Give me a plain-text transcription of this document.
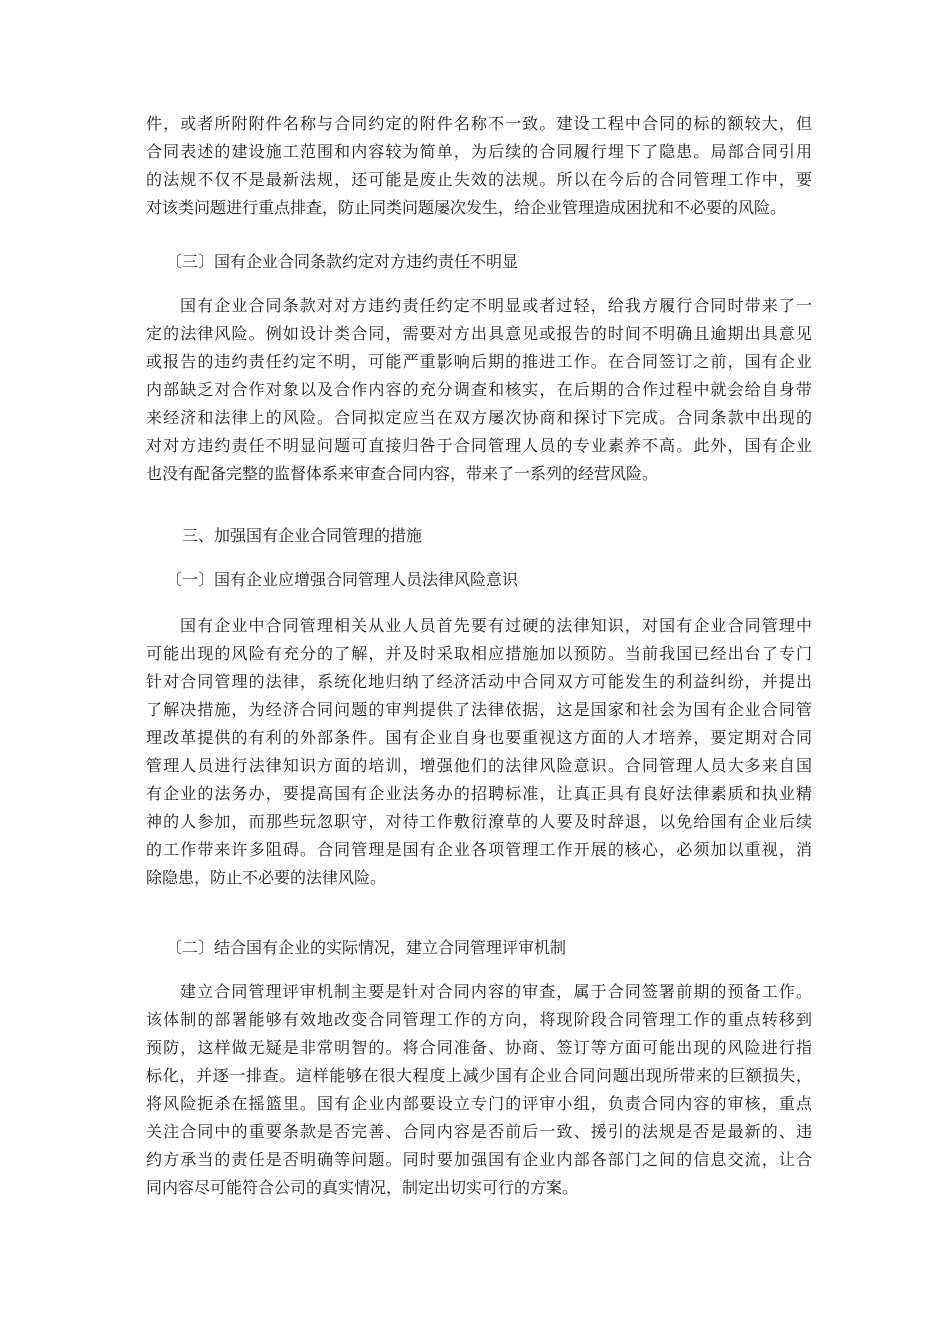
件，或者所附附件名称与合同约定的附件名称不一致。建设工程中合同的标的额较大，但
合同表述的建设施工范围和内容较为简单，为后续的合同履行埋下了隐患。局部合同引用
的法规不仅不是最新法规，还可能是废止失效的法规。所以在今后的合同管理工作中，要
对该类问题进行重点排查，防止同类问题屡次发生，给企业管理造成困扰和不必要的风险。
〔三〕国有企业合同条款约定对方违约责任不明显
国有企业合同条款对对方违约责任约定不明显或者过轻，给我方履行合同时带来了一
定的法律风险。例如设计类合同，需要对方出具意见或报告的时间不明确且逾期出具意见
或报告的违约责任约定不明，可能严重影响后期的推进工作。在合同签订之前，国有企业
内部缺乏对合作对象以及合作内容的充分调查和核实，在后期的合作过程中就会给自身带
来经济和法律上的风险。合同拟定应当在双方屡次协商和探讨下完成。合同条款中出现的
对对方违约责任不明显问题可直接归咎于合同管理人员的专业素养不高。此外，国有企业
也没有配备完整的监督体系来审查合同内容，带来了一系列的经营风险。
三、加强国有企业合同管理的措施
〔一〕国有企业应增强合同管理人员法律风险意识
国有企业中合同管理相关从业人员首先要有过硬的法律知识，对国有企业合同管理中
可能出现的风险有充分的了解，并及时采取相应措施加以预防。当前我国已经出台了专门
针对合同管理的法律，系统化地归纳了经济活动中合同双方可能发生的利益纠纷，并提出
了解决措施，为经济合同问题的审判提供了法律依据，这是国家和社会为国有企业合同管
理改革提供的有利的外部条件。国有企业自身也要重视这方面的人才培养，要定期对合同
管理人员进行法律知识方面的培训，增强他们的法律风险意识。合同管理人员大多来自国
有企业的法务办，要提高国有企业法务办的招聘标准，让真正具有良好法律素质和执业精
神的人参加，而那些玩忽职守，对待工作敷衍潦草的人要及时辞退，以免给国有企业后续
的工作带来许多阻碍。合同管理是国有企业各项管理工作开展的核心，必须加以重视，消
除隐患，防止不必要的法律风险。
〔二〕结合国有企业的实际情况，建立合同管理评审机制
建立合同管理评审机制主要是针对合同内容的审查，属于合同签署前期的预备工作。
该体制的部署能够有效地改变合同管理工作的方向，将现阶段合同管理工作的重点转移到
预防，这样做无疑是非常明智的。将合同准备、协商、签订等方面可能出现的风险进行指
标化，并逐一排查。這样能够在很大程度上减少国有企业合同问题出现所带来的巨额损失，
将风险扼杀在摇篮里。国有企业内部要设立专门的评审小组，负责合同内容的审核，重点
关注合同中的重要条款是否完善、合同内容是否前后一致、援引的法规是否是最新的、违
约方承当的责任是否明确等问题。同时要加强国有企业内部各部门之间的信息交流，让合
同内容尽可能符合公司的真实情况，制定出切实可行的方案。
